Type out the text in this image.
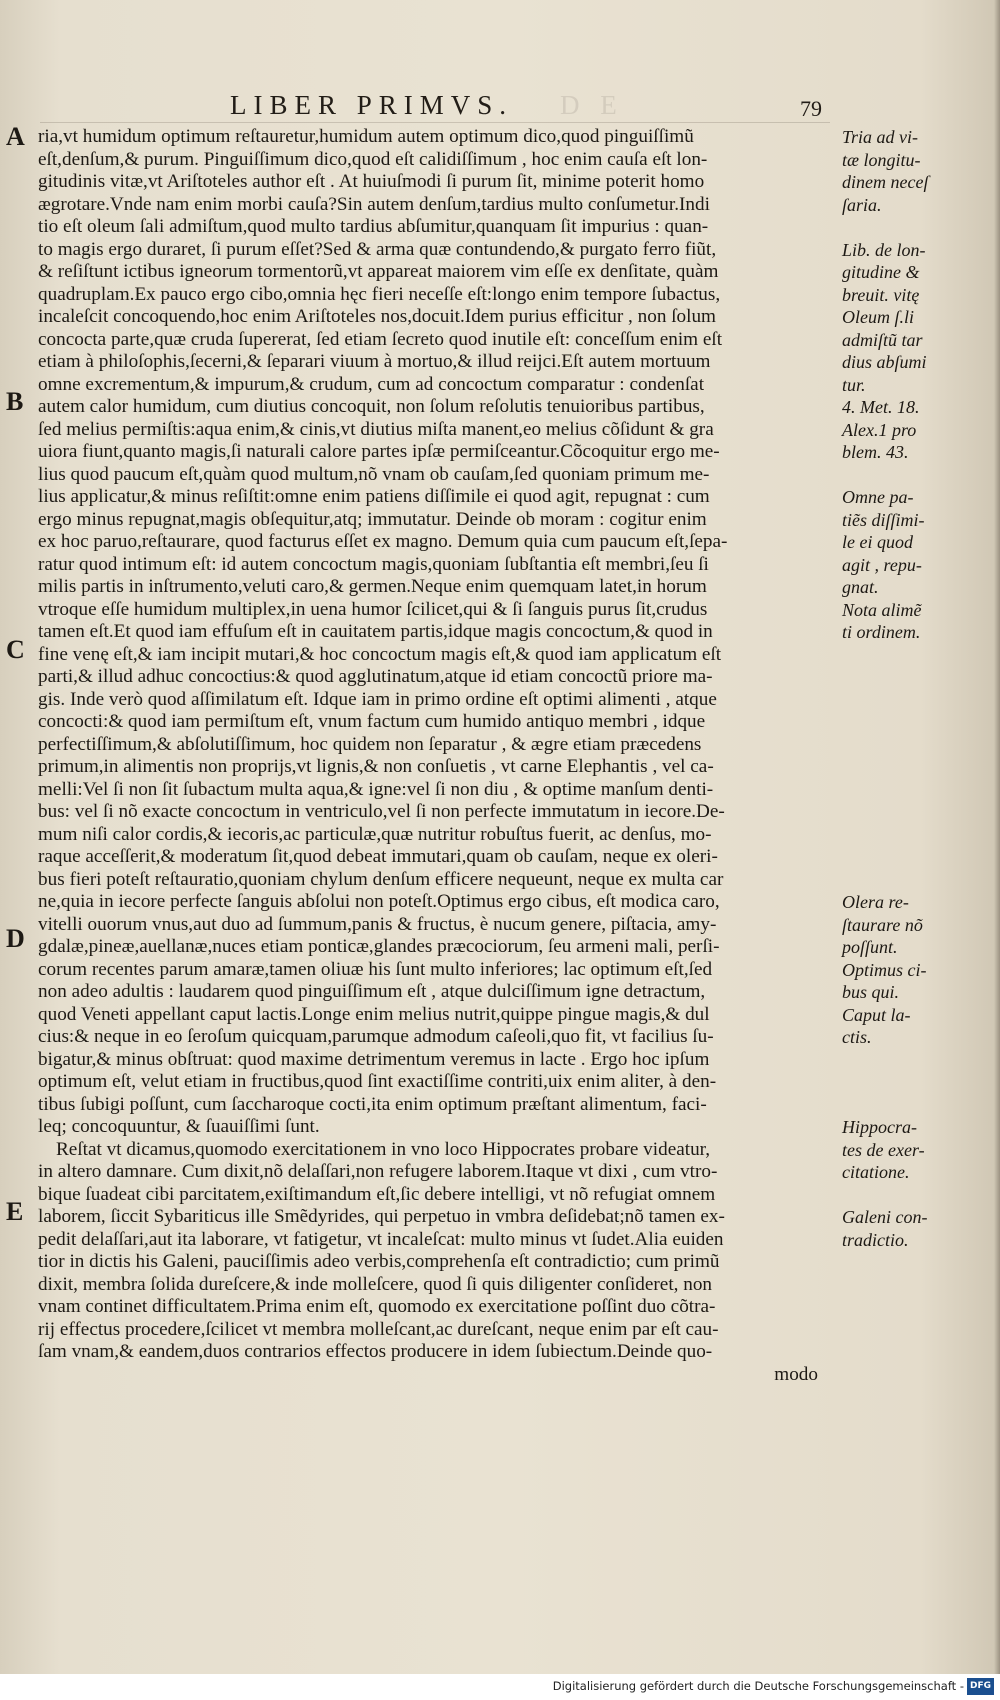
D E
LIBER PRIMVS.	79
A
B
C
D
E
ria,vt humidum optimum reſtauretur,humidum autem optimum dico,quod pinguiſſimũ
eſt,denſum,& purum. Pinguiſſimum dico,quod eſt calidiſſimum , hoc enim cauſa eſt lon-
gitudinis vitæ,vt Ariſtoteles author eſt . At huiuſmodi ſi purum ſit, minime poterit homo
ægrotare.Vnde nam enim morbi cauſa?Sin autem denſum,tardius multo conſumetur.Indi
tio eſt oleum ſali admiſtum,quod multo tardius abſumitur,quanquam ſit impurius : quan-
to magis ergo duraret, ſi purum eſſet?Sed & arma quæ contundendo,& purgato ferro fiũt,
& reſiſtunt ictibus igneorum tormentorũ,vt appareat maiorem vim eſſe ex denſitate, quàm
quadruplam.Ex pauco ergo cibo,omnia hęc fieri neceſſe eſt:longo enim tempore ſubactus,
incaleſcit concoquendo,hoc enim Ariſtoteles nos,docuit.Idem purius efficitur , non ſolum
concocta parte,quæ cruda ſupererat, ſed etiam ſecreto quod inutile eſt: conceſſum enim eſt
etiam à philoſophis,ſecerni,& ſeparari viuum à mortuo,& illud reijci.Eſt autem mortuum
omne excrementum,& impurum,& crudum, cum ad concoctum comparatur : condenſat
autem calor humidum, cum diutius concoquit, non ſolum reſolutis tenuioribus partibus,
ſed melius permiſtis:aqua enim,& cinis,vt diutius miſta manent,eo melius cõſidunt & gra
uiora fiunt,quanto magis,ſi naturali calore partes ipſæ permiſceantur.Cõcoquitur ergo me-
lius quod paucum eſt,quàm quod multum,nõ vnam ob cauſam,ſed quoniam primum me-
lius applicatur,& minus reſiſtit:omne enim patiens diſſimile ei quod agit, repugnat : cum
ergo minus repugnat,magis obſequitur,atq; immutatur. Deinde ob moram : cogitur enim
ex hoc paruo,reſtaurare, quod facturus eſſet ex magno. Demum quia cum paucum eſt,ſepa-
ratur quod intimum eſt: id autem concoctum magis,quoniam ſubſtantia eſt membri,ſeu ſi
milis partis in inſtrumento,veluti caro,& germen.Neque enim quemquam latet,in horum
vtroque eſſe humidum multiplex,in uena humor ſcilicet,qui & ſi ſanguis purus ſit,crudus
tamen eſt.Et quod iam effuſum eſt in cauitatem partis,idque magis concoctum,& quod in
fine venę eſt,& iam incipit mutari,& hoc concoctum magis eſt,& quod iam applicatum eſt
parti,& illud adhuc concoctius:& quod agglutinatum,atque id etiam concoctũ priore ma-
gis. Inde verò quod aſſimilatum eſt. Idque iam in primo ordine eſt optimi alimenti , atque
concocti:& quod iam permiſtum eſt, vnum factum cum humido antiquo membri , idque
perfectiſſimum,& abſolutiſſimum, hoc quidem non ſeparatur , & ægre etiam præcedens
primum,in alimentis non proprijs,vt lignis,& non conſuetis , vt carne Elephantis , vel ca-
melli:Vel ſi non ſit ſubactum multa aqua,& igne:vel ſi non diu , & optime manſum denti-
bus: vel ſi nõ exacte concoctum in ventriculo,vel ſi non perfecte immutatum in iecore.De-
mum niſi calor cordis,& iecoris,ac particulæ,quæ nutritur robuſtus fuerit, ac denſus, mo-
raque acceſſerit,& moderatum ſit,quod debeat immutari,quam ob cauſam, neque ex oleri-
bus fieri poteſt reſtauratio,quoniam chylum denſum efficere nequeunt, neque ex multa car
ne,quia in iecore perfecte ſanguis abſolui non poteſt.Optimus ergo cibus, eſt modica caro,
vitelli ouorum vnus,aut duo ad ſummum,panis & fructus, è nucum genere, piſtacia, amy-
gdalæ,pineæ,auellanæ,nuces etiam ponticæ,glandes præcociorum, ſeu armeni mali, perſi-
corum recentes parum amaræ,tamen oliuæ his ſunt multo inferiores; lac optimum eſt,ſed
non adeo adultis : laudarem quod pinguiſſimum eſt , atque dulciſſimum igne detractum,
quod Veneti appellant caput lactis.Longe enim melius nutrit,quippe pingue magis,& dul
cius:& neque in eo ſeroſum quicquam,parumque admodum caſeoli,quo fit, vt facilius ſu-
bigatur,& minus obſtruat: quod maxime detrimentum veremus in lacte . Ergo hoc ipſum
optimum eſt, velut etiam in fructibus,quod ſint exactiſſime contriti,uix enim aliter, à den-
tibus ſubigi poſſunt, cum ſaccharoque cocti,ita enim optimum præſtant alimentum, faci-
leq; concoquuntur, & ſuauiſſimi ſunt.
Reſtat vt dicamus,quomodo exercitationem in vno loco Hippocrates probare videatur,
in altero damnare. Cum dixit,nõ delaſſari,non refugere laborem.Itaque vt dixi , cum vtro-
bique ſuadeat cibi parcitatem,exiſtimandum eſt,ſic debere intelligi, vt nõ refugiat omnem
laborem, ſiccit Sybariticus ille Smẽdyrides, qui perpetuo in vmbra deſidebat;nõ tamen ex-
pedit delaſſari,aut ita laborare, vt fatigetur, vt incaleſcat: multo minus vt ſudet.Alia euiden
tior in dictis his Galeni, pauciſſimis adeo verbis,comprehenſa eſt contradictio; cum primũ
dixit, membra ſolida dureſcere,& inde molleſcere, quod ſi quis diligenter conſideret, non
vnam continet difficultatem.Prima enim eſt, quomodo ex exercitatione poſſint duo cõtra-
rij effectus procedere,ſcilicet vt membra molleſcant,ac dureſcant, neque enim par eſt cau-
ſam vnam,& eandem,duos contrarios effectos producere in idem ſubiectum.Deinde quo-
modo
Tria ad vi-
tæ longitu-
dinem neceſ
ſaria.
Lib. de lon-
gitudine &
breuit. vitę
Oleum ſ.li
admiſtũ tar
dius abſumi
tur.
4. Met. 18.
Alex.1 pro
blem. 43.
Omne pa-
tiẽs diſſimi-
le ei quod
agit , repu-
gnat.
Nota alimẽ
ti ordinem.
Olera re-
ſtaurare nõ
poſſunt.
Optimus ci-
bus qui.
Caput la-
ctis.
Hippocra-
tes de exer-
citatione.
Galeni con-
tradictio.
Digitalisierung gefördert durch die Deutsche Forschungsgemeinschaft - DFG
